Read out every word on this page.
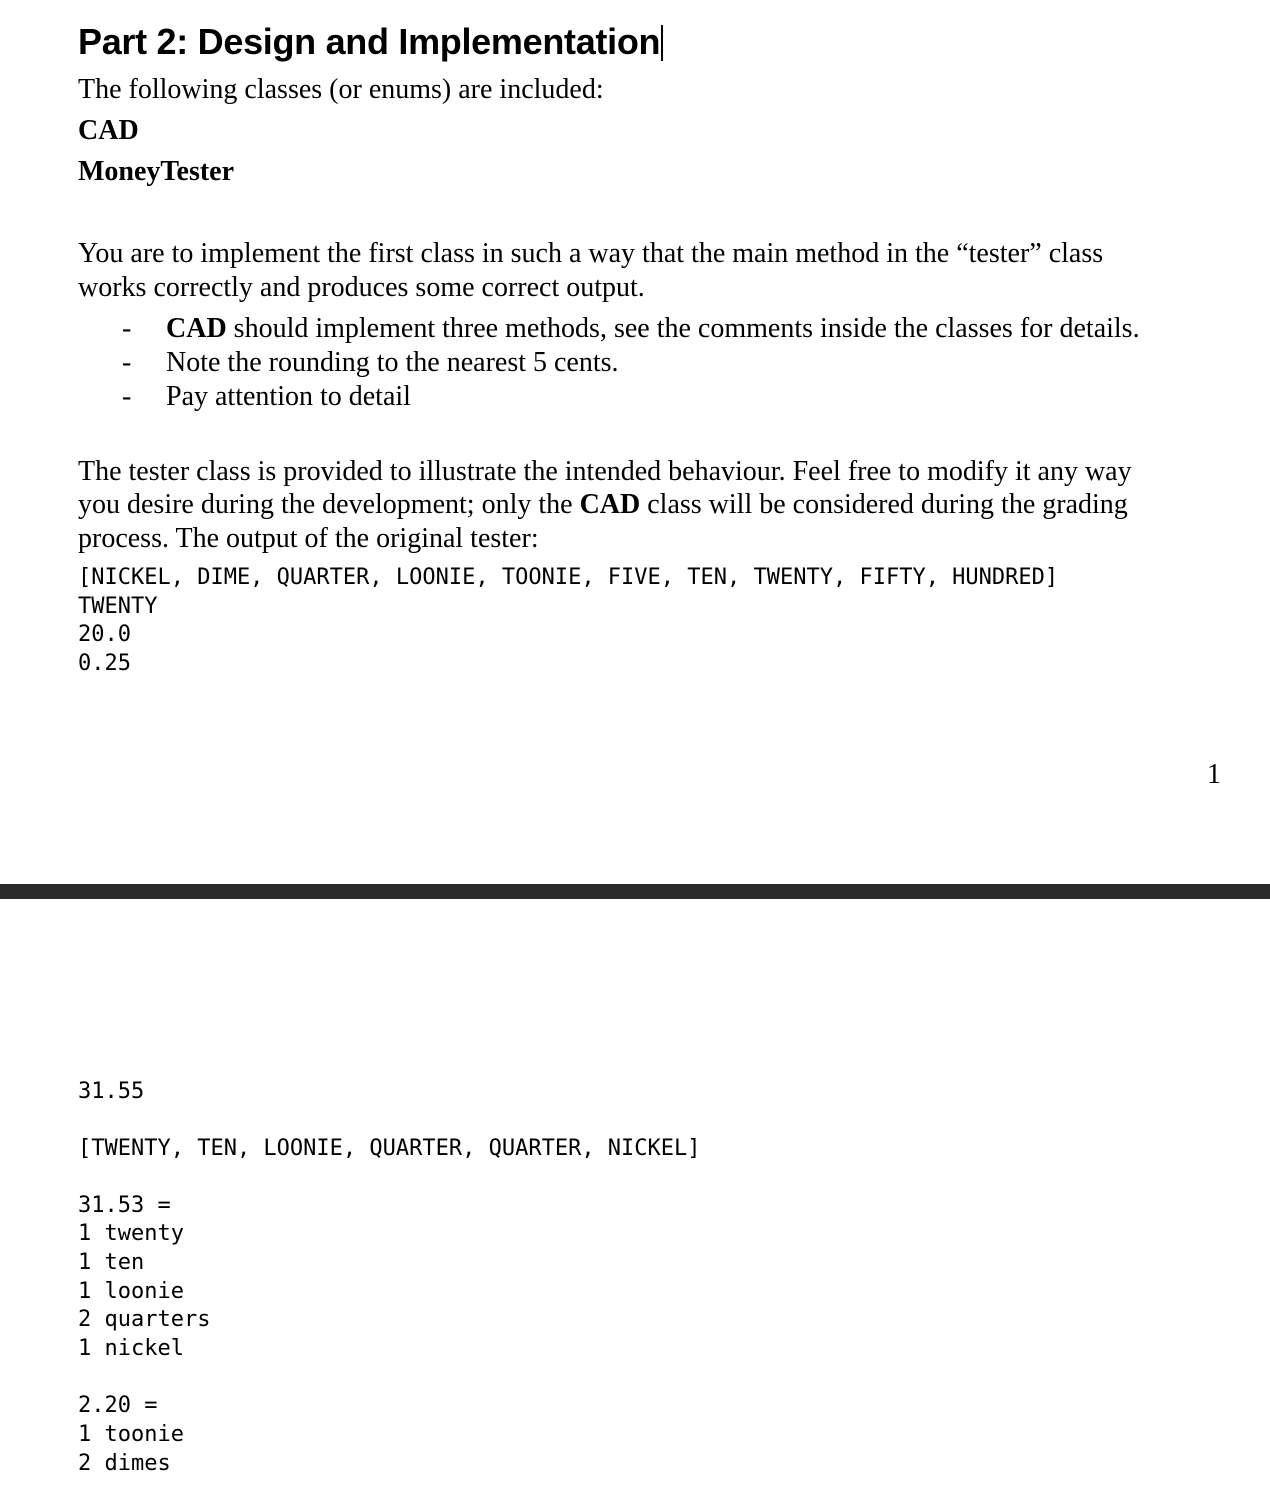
Part 2: Design and Implementation
The following classes (or enums) are included:
CAD
MoneyTester
You are to implement the first class in such a way that the main method in the “tester” class
works correctly and produces some correct output.
- CAD should implement three methods, see the comments inside the classes for details.
- Note the rounding to the nearest 5 cents.
- Pay attention to detail
The tester class is provided to illustrate the intended behaviour. Feel free to modify it any way
you desire during the development; only the CAD class will be considered during the grading
process. The output of the original tester:
[NICKEL, DIME, QUARTER, LOONIE, TOONIE, FIVE, TEN, TWENTY, FIFTY, HUNDRED]
TWENTY
20.0
0.25
1
31.55
[TWENTY, TEN, LOONIE, QUARTER, QUARTER, NICKEL]
31.53 =
1 twenty
1 ten
1 loonie
2 quarters
1 nickel
2.20 =
1 toonie
2 dimes
